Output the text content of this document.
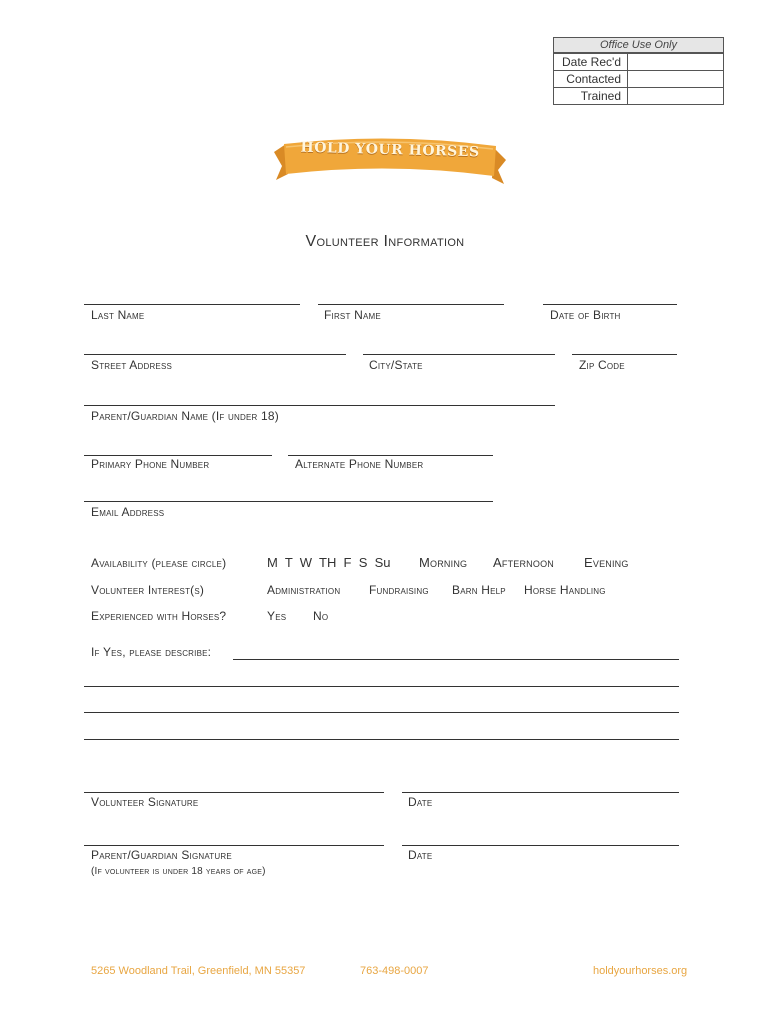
Office Use Only
Date Rec'd
Contacted
Trained
HOLD YOUR HORSES
Volunteer Information
Last Name	First Name	Date of Birth
Street Address	City/State	Zip Code
Parent/Guardian Name (If under 18)
Primary Phone Number	Alternate Phone Number
Email Address
Availability (please circle)	M  T  W  TH  F  S  Su Morning Afternoon Evening
Volunteer Interest(s)	Administration Fundraising Barn Help Horse Handling
Experienced with Horses?	Yes No
If Yes, please describe:
Volunteer Signature	Date
Parent/Guardian Signature	Date
(If volunteer is under 18 years of age)
5265 Woodland Trail, Greenfield, MN 55357	763-498-0007	holdyourhorses.org
